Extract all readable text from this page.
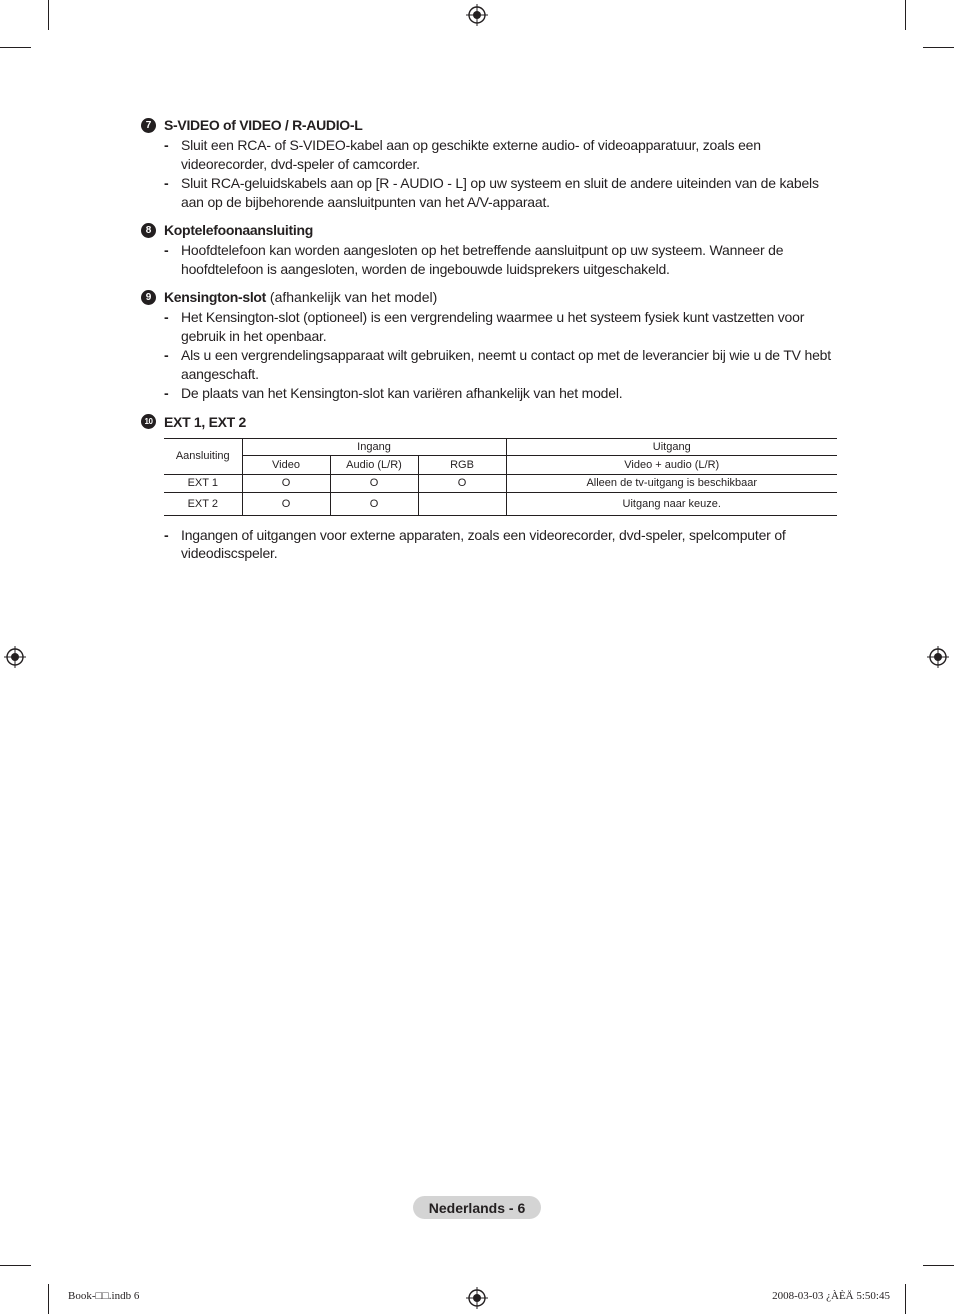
7 S-VIDEO of VIDEO / R-AUDIO-L
- Sluit een RCA- of S-VIDEO-kabel aan op geschikte externe audio- of videoapparatuur, zoals een videorecorder, dvd-speler of camcorder.
- Sluit RCA-geluidskabels aan op [R - AUDIO - L] op uw systeem en sluit de andere uiteinden van de kabels aan op de bijbehorende aansluitpunten van het A/V-apparaat.
8 Koptelefoonaansluiting
- Hoofdtelefoon kan worden aangesloten op het betreffende aansluitpunt op uw systeem. Wanneer de hoofdtelefoon is aangesloten, worden de ingebouwde luidsprekers uitgeschakeld.
9 Kensington-slot (afhankelijk van het model)
- Het Kensington-slot (optioneel) is een vergrendeling waarmee u het systeem fysiek kunt vastzetten voor gebruik in het openbaar.
- Als u een vergrendelingsapparaat wilt gebruiken, neemt u contact op met de leverancier bij wie u de TV hebt aangeschaft.
- De plaats van het Kensington-slot kan variëren afhankelijk van het model.
10 EXT 1, EXT 2
Aansluiting	Ingang			Uitgang
	Video	Audio (L/R)	RGB	Video + audio (L/R)
EXT 1	O	O	O	Alleen de tv-uitgang is beschikbaar
EXT 2	O	O		Uitgang naar keuze.
- Ingangen of uitgangen voor externe apparaten, zoals een videorecorder, dvd-speler, spelcomputer of videodiscspeler.
Nederlands - 6
Book-□□.indb 6	2008-03-03 ¿ÀÈÄ 5:50:45
